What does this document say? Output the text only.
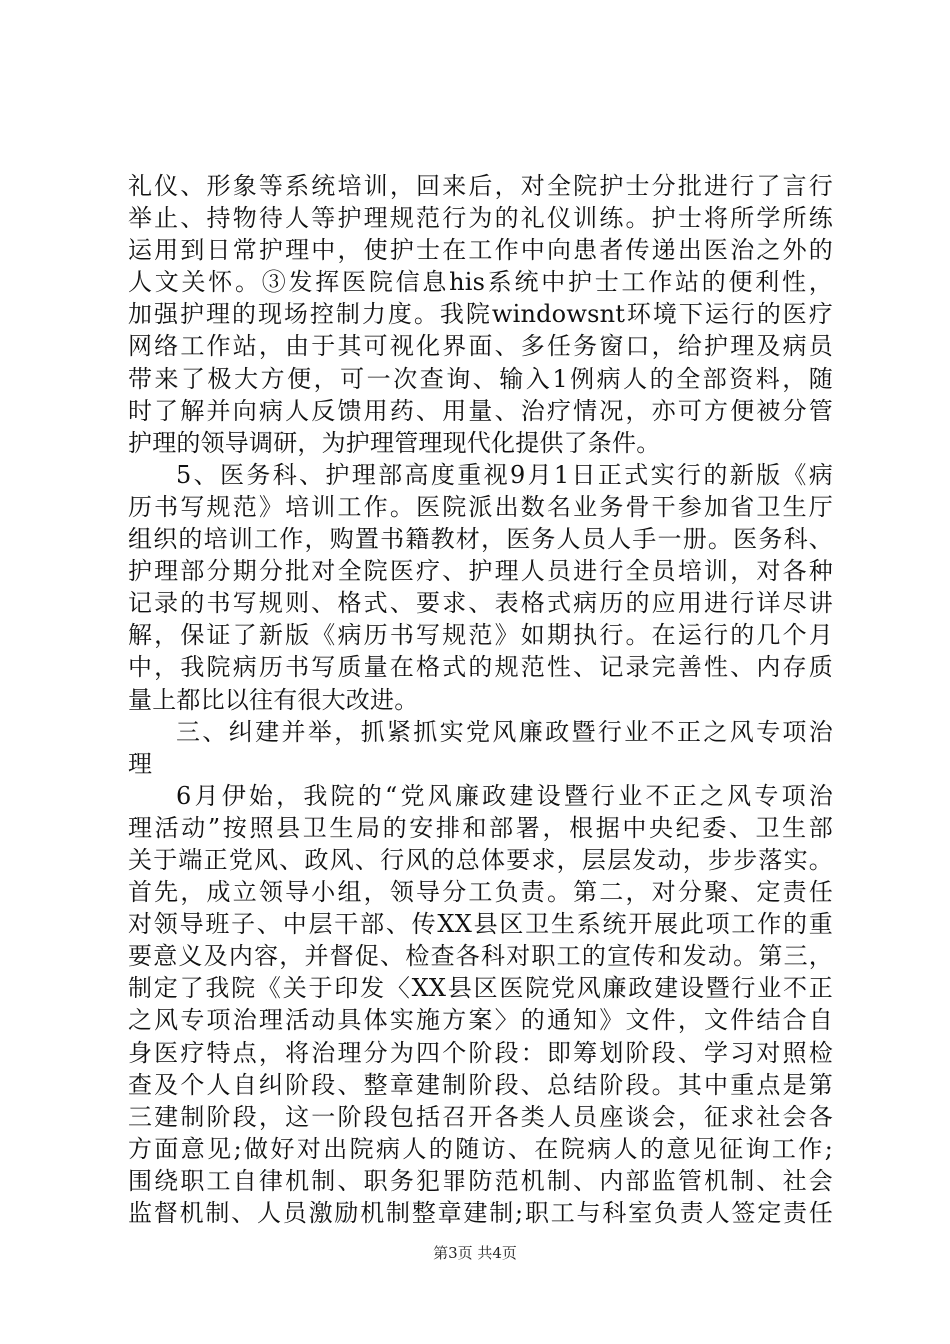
礼仪、形象等系统培训，回来后，对全院护士分批进行了言行
举止、持物待人等护理规范行为的礼仪训练。护士将所学所练
运用到日常护理中，使护士在工作中向患者传递出医治之外的
人文关怀。③发挥医院信息his系统中护士工作站的便利性，
加强护理的现场控制力度。我院windowsnt环境下运行的医疗
网络工作站，由于其可视化界面、多任务窗口，给护理及病员
带来了极大方便，可一次查询、输入1例病人的全部资料，随
时了解并向病人反馈用药、用量、治疗情况，亦可方便被分管
护理的领导调研，为护理管理现代化提供了条件。
5、医务科、护理部高度重视9月1日正式实行的新版《病
历书写规范》培训工作。医院派出数名业务骨干参加省卫生厅
组织的培训工作，购置书籍教材，医务人员人手一册。医务科、
护理部分期分批对全院医疗、护理人员进行全员培训，对各种
记录的书写规则、格式、要求、表格式病历的应用进行详尽讲
解，保证了新版《病历书写规范》如期执行。在运行的几个月
中，我院病历书写质量在格式的规范性、记录完善性、内存质
量上都比以往有很大改进。
三、纠建并举，抓紧抓实党风廉政暨行业不正之风专项治
理
6月伊始，我院的“党风廉政建设暨行业不正之风专项治
理活动”按照县卫生局的安排和部署，根据中央纪委、卫生部
关于端正党风、政风、行风的总体要求，层层发动，步步落实。
首先，成立领导小组，领导分工负责。第二，对分聚、定责任
对领导班子、中层干部、传XX县区卫生系统开展此项工作的重
要意义及内容，并督促、检查各科对职工的宣传和发动。第三，
制定了我院《关于印发〈XX县区医院党风廉政建设暨行业不正
之风专项治理活动具体实施方案〉的通知》文件，文件结合自
身医疗特点，将治理分为四个阶段：即筹划阶段、学习对照检
查及个人自纠阶段、整章建制阶段、总结阶段。其中重点是第
三建制阶段，这一阶段包括召开各类人员座谈会，征求社会各
方面意见;做好对出院病人的随访、在院病人的意见征询工作;
围绕职工自律机制、职务犯罪防范机制、内部监管机制、社会
监督机制、人员激励机制整章建制;职工与科室负责人签定责任
第3页 共4页
